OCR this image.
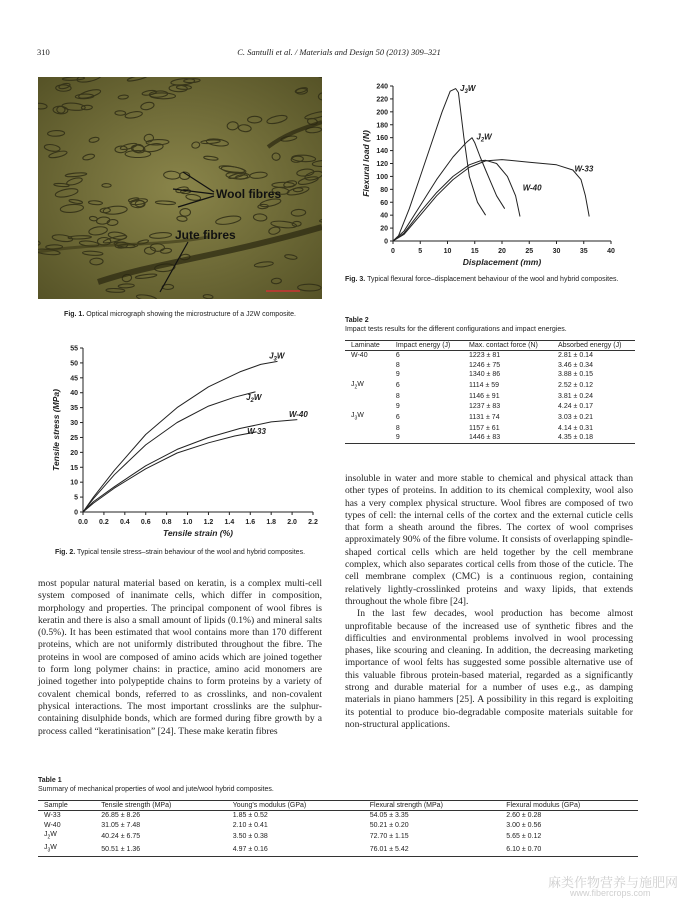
310	C. Santulli et al. / Materials and Design 50 (2013) 309–321
Wool fibres
Jute fibres
Fig. 1. Optical micrograph showing the microstructure of a J2W composite.
0.0 0.2 0.4 0.6 0.8 1.0 1.2 1.4 1.6 1.8 2.0 2.2
0
5
10
15
20
25
30
35
40
45
50
55
Tensile strain (%)
Tensile stress (MPa)
$J_3W$
$J_2W$
W-40
W-33
Fig. 2. Typical tensile stress–strain behaviour of the wool and hybrid composites.
0	5	10	15	20	25	30	35	40
0
20
40
60
80
100
120
140
160
180
200
220
240
Displacement (mm)
Flexural load (N)
$J_3W$
$J_2W$
W-40
W-33
Fig. 3. Typical flexural force–displacement behaviour of the wool and hybrid composites.
Table 2
Impact tests results for the different configurations and impact energies.
Laminate	Impact energy (J)	Max. contact force (N)	Absorbed energy (J)
W-40	6	1223 ± 81	2.81 ± 0.14
	8	1246 ± 75	3.46 ± 0.34
	9	1340 ± 86	3.88 ± 0.15
$J_2W$	6	1114 ± 59	2.52 ± 0.12
	8	1146 ± 91	3.81 ± 0.24
	9	1237 ± 83	4.24 ± 0.17
$J_3W$	6	1131 ± 74	3.03 ± 0.21
	8	1157 ± 61	4.14 ± 0.31
	9	1446 ± 83	4.35 ± 0.18

most popular natural material based on keratin, is a complex multi-cell system composed of inanimate cells, which differ in composition, morphology and properties. The principal component of wool fibres is keratin and there is also a small amount of lipids (0.1%) and mineral salts (0.5%). It has been estimated that wool contains more than 170 different proteins, which are not uniformly distributed throughout the fibre. The proteins in wool are composed of amino acids which are joined together to form long polymer chains: in practice, amino acid monomers are joined together into polypeptide chains to form proteins by a variety of covalent chemical bonds, referred to as crosslinks, and non-covalent physical interactions. The most important crosslinks are the sulphur-containing disulphide bonds, which are formed during fibre growth by a process called “keratinisation” [24]. These make keratin fibres

insoluble in water and more stable to chemical and physical attack than other types of proteins. In addition to its chemical complexity, wool also has a very complex physical structure. Wool fibres are composed of two types of cell: the internal cells of the cortex and the external cuticle cells that form a sheath around the fibres. The cortex of wool comprises approximately 90% of the fibre volume. It consists of overlapping spindle-shaped cortical cells which are held together by the cell membrane complex, which also separates cortical cells from those of the cuticle. The cell membrane complex (CMC) is a continuous region, containing relatively lightly-crosslinked proteins and waxy lipids, that extends throughout the whole fibre [24].

In the last few decades, wool production has become almost unprofitable because of the increased use of synthetic fibres and the difficulties and environmental problems involved in wool processing phases, like scouring and cleaning. In addition, the decreasing marketing importance of wool felts has suggested some possible alternative use of this valuable fibrous protein-based material, regarded as a significantly strong and durable material for a number of uses e.g., as damping materials in piano hammers [25]. A possibility in this regard is exploiting its potential to produce bio-degradable composite materials suitable for non-structural applications.

Table 1
Summary of mechanical properties of wool and jute/wool hybrid composites.
Sample	Tensile strength (MPa)	Young's modulus (GPa)	Flexural strength (MPa)	Flexural modulus (GPa)
W-33	26.85 ± 8.26	1.85 ± 0.52	54.05 ± 3.35	2.60 ± 0.28
W-40	31.05 ± 7.48	2.10 ± 0.41	50.21 ± 0.20	3.00 ± 0.56
$J_2W$	40.24 ± 6.75	3.50 ± 0.38	72.70 ± 1.15	5.65 ± 0.12
$J_3W$	50.51 ± 1.36	4.97 ± 0.16	76.01 ± 5.42	6.10 ± 0.70
麻类作物营养与施肥网
www.fibercrops.com
